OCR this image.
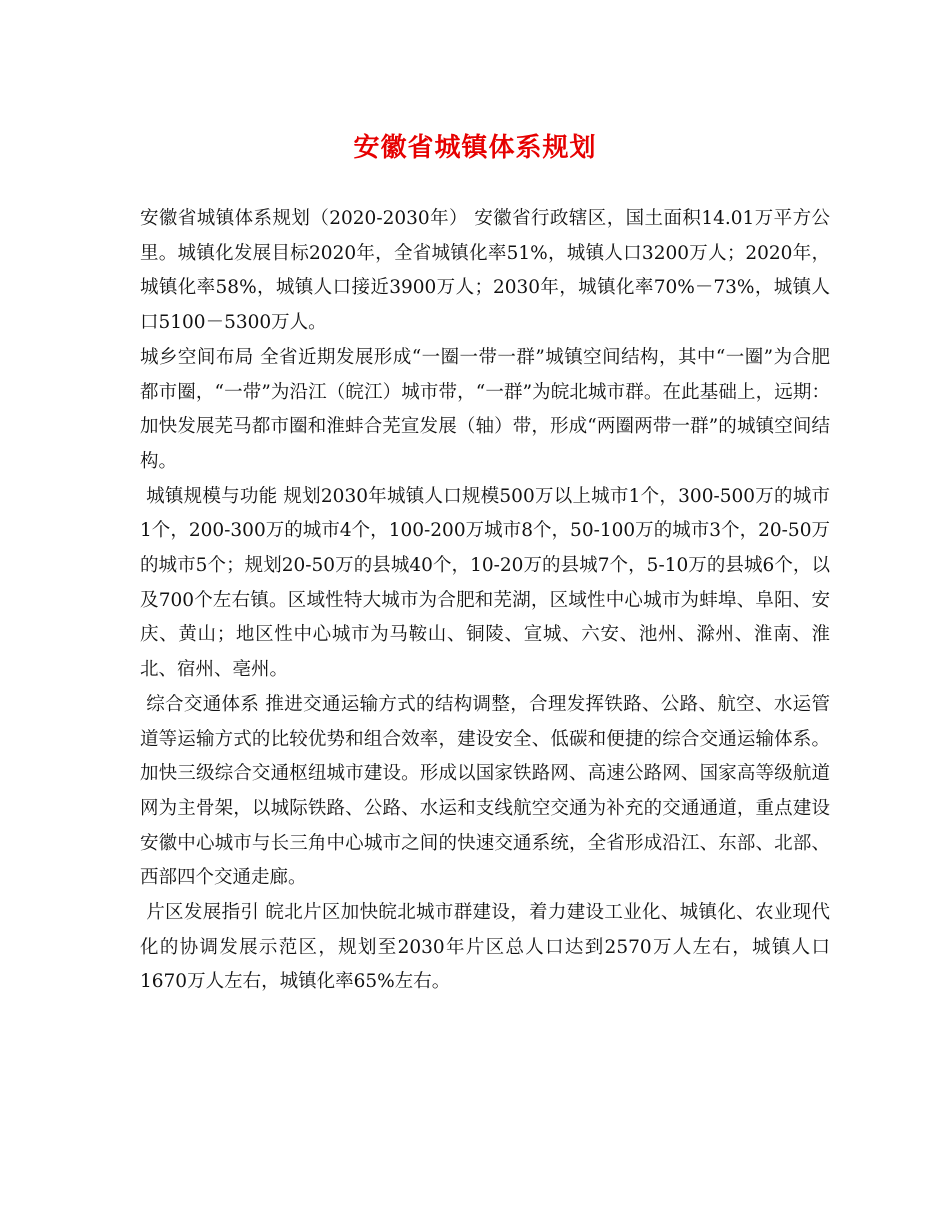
安徽省城镇体系规划

安徽省城镇体系规划（2020-2030年） 安徽省行政辖区，国土面积14.01万平方公里。城镇化发展目标2020年，全省城镇化率51%，城镇人口3200万人；2020年，城镇化率58%，城镇人口接近3900万人；2030年，城镇化率70%－73%，城镇人口5100－5300万人。

城乡空间布局 全省近期发展形成“一圈一带一群”城镇空间结构，其中“一圈”为合肥都市圈，“一带”为沿江（皖江）城市带，“一群”为皖北城市群。在此基础上，远期：加快发展芜马都市圈和淮蚌合芜宣发展（轴）带，形成“两圈两带一群”的城镇空间结构。

城镇规模与功能 规划2030年城镇人口规模500万以上城市1个，300-500万的城市1个，200-300万的城市4个，100-200万城市8个，50-100万的城市3个，20-50万的城市5个；规划20-50万的县城40个，10-20万的县城7个，5-10万的县城6个，以及700个左右镇。区域性特大城市为合肥和芜湖，区域性中心城市为蚌埠、阜阳、安庆、黄山；地区性中心城市为马鞍山、铜陵、宣城、六安、池州、滁州、淮南、淮北、宿州、亳州。

综合交通体系 推进交通运输方式的结构调整，合理发挥铁路、公路、航空、水运管道等运输方式的比较优势和组合效率，建设安全、低碳和便捷的综合交通运输体系。加快三级综合交通枢纽城市建设。形成以国家铁路网、高速公路网、国家高等级航道网为主骨架，以城际铁路、公路、水运和支线航空交通为补充的交通通道，重点建设安徽中心城市与长三角中心城市之间的快速交通系统，全省形成沿江、东部、北部、西部四个交通走廊。

片区发展指引 皖北片区加快皖北城市群建设，着力建设工业化、城镇化、农业现代化的协调发展示范区，规划至2030年片区总人口达到2570万人左右，城镇人口1670万人左右，城镇化率65%左右。
